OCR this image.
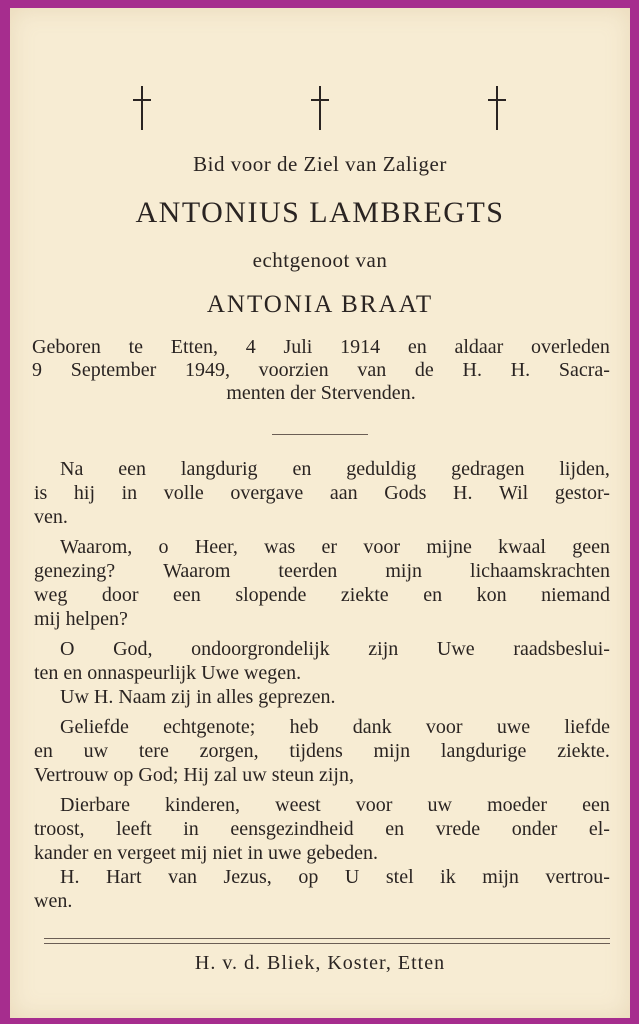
Bid voor de Ziel van Zaliger
ANTONIUS LAMBREGTS
echtgenoot van
ANTONIA BRAAT
Geboren te Etten, 4 Juli 1914 en aldaar overleden
9 September 1949, voorzien van de H. H. Sacra-
menten der Stervenden.
Na een langdurig en geduldig gedragen lijden,
is hij in volle overgave aan Gods H. Wil gestor-
ven.
Waarom, o Heer, was er voor mijne kwaal geen
genezing? Waarom teerden mijn lichaamskrachten
weg door een slopende ziekte en kon niemand
mij helpen?
O God, ondoorgrondelijk zijn Uwe raadsbeslui-
ten en onnaspeurlijk Uwe wegen.
Uw H. Naam zij in alles geprezen.
Geliefde echtgenote; heb dank voor uwe liefde
en uw tere zorgen, tijdens mijn langdurige ziekte.
Vertrouw op God; Hij zal uw steun zijn,
Dierbare kinderen, weest voor uw moeder een
troost, leeft in eensgezindheid en vrede onder el-
kander en vergeet mij niet in uwe gebeden.
H. Hart van Jezus, op U stel ik mijn vertrou-
wen.
H. v. d. Bliek, Koster, Etten
